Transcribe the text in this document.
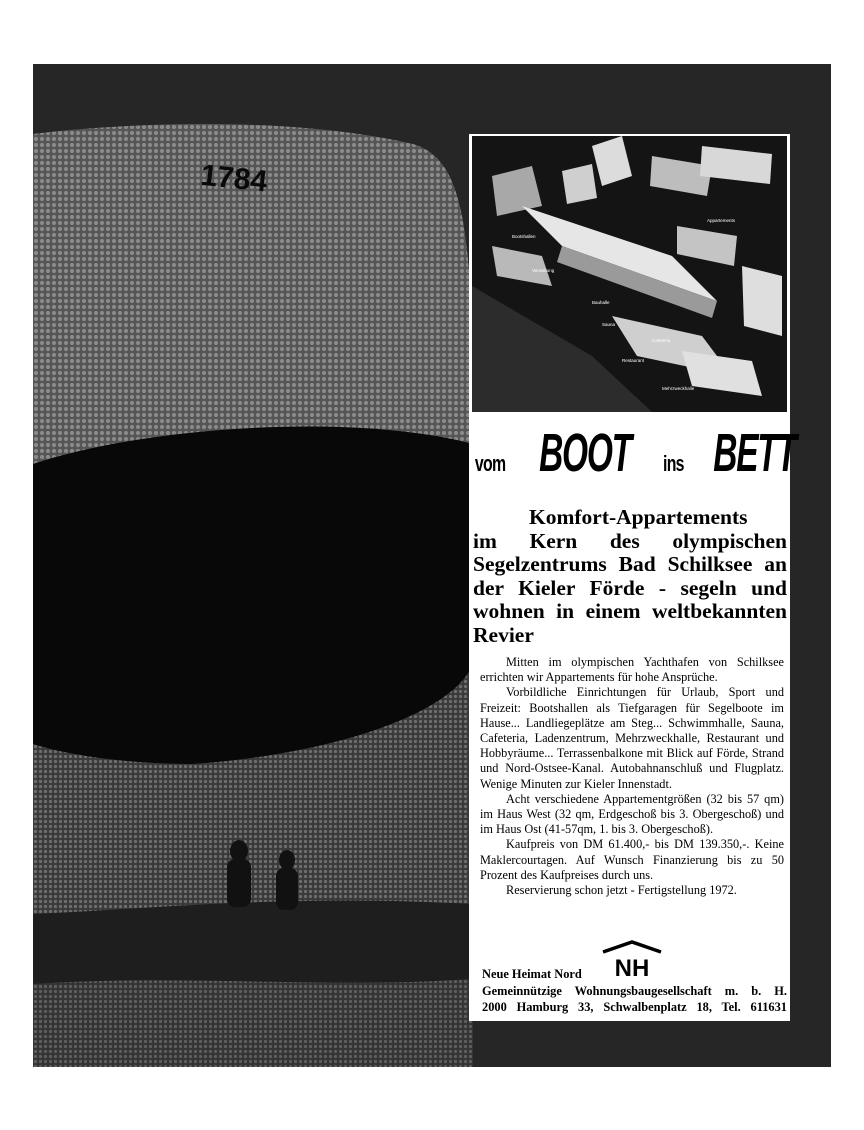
1784
Bootshallen
Verwaltung
Appartements
Bauhalle
Sauna
Restaurant
Cafeteria
Mehrzweckhalle
vom BOOT ins BETT
Komfort-Appartements
im Kern des olympischen Segelzentrums Bad Schilksee an der Kieler Förde - segeln und wohnen in einem weltbekannten Revier

Mitten im olympischen Yachthafen von Schilksee errichten wir Appartements für hohe Ansprüche.

Vorbildliche Einrichtungen für Urlaub, Sport und Freizeit: Bootshallen als Tiefgaragen für Segelboote im Hause... Landliegeplätze am Steg... Schwimmhalle, Sauna, Cafeteria, Ladenzentrum, Mehrzweckhalle, Restaurant und Hobbyräume... Terrassenbalkone mit Blick auf Förde, Strand und Nord-Ostsee-Kanal. Autobahnanschluß und Flugplatz. Wenige Minuten zur Kieler Innenstadt.

Acht verschiedene Appartementgrößen (32 bis 57 qm) im Haus West (32 qm, Erdgeschoß bis 3. Obergeschoß) und im Haus Ost (41-57qm, 1. bis 3. Obergeschoß).

Kaufpreis von DM 61.400,- bis DM 139.350,-. Keine Maklercourtagen. Auf Wunsch Finanzierung bis zu 50 Prozent des Kaufpreises durch uns.

Reservierung schon jetzt - Fertigstellung 1972.

NH
Neue Heimat Nord
Gemeinnützige Wohnungsbaugesellschaft m. b. H.
2000 Hamburg 33, Schwalbenplatz 18, Tel. 611631
